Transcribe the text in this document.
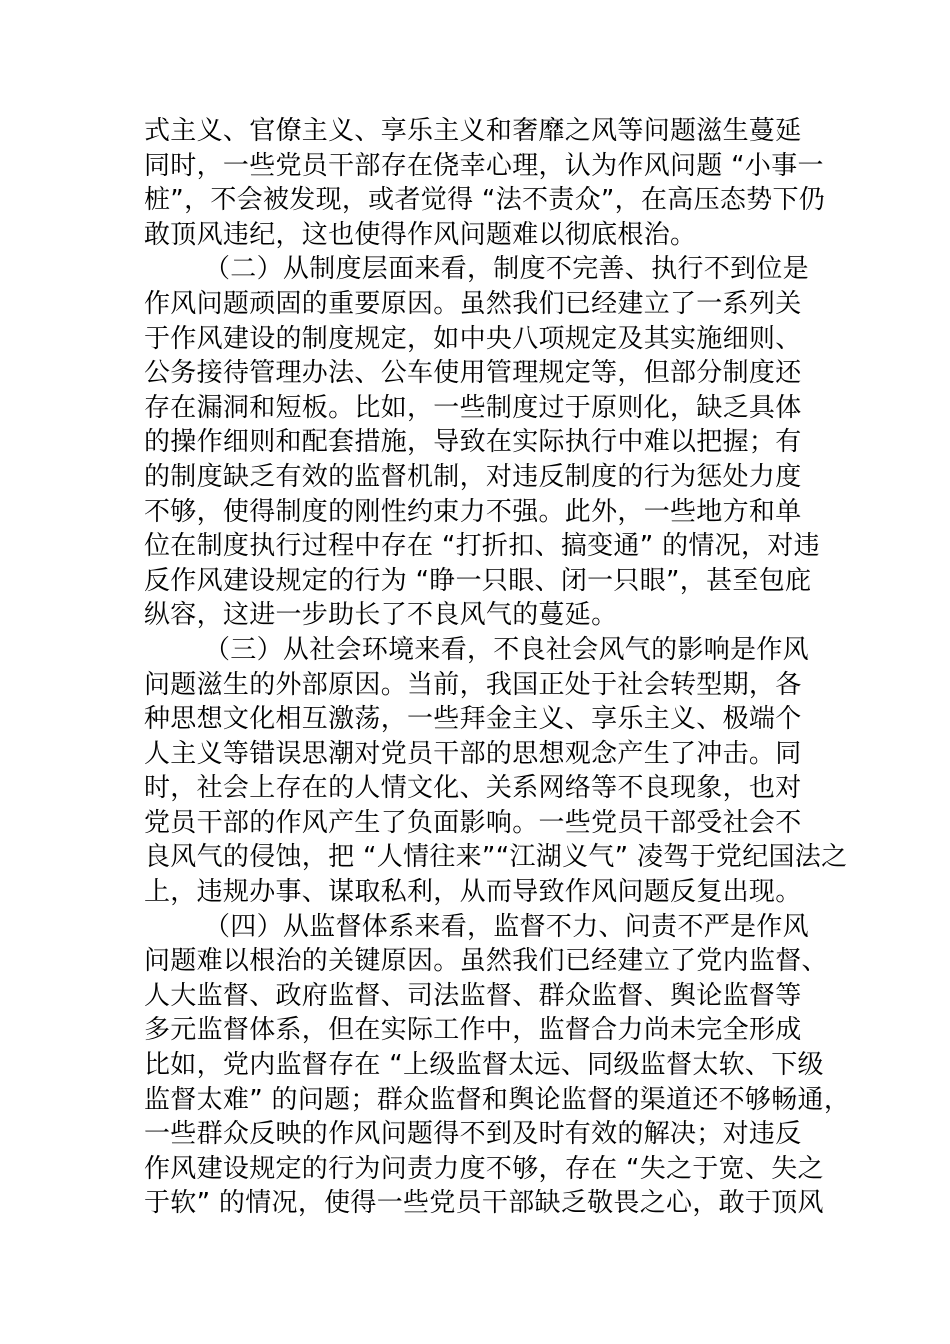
式主义、官僚主义、享乐主义和奢靡之风等问题滋生蔓延
同时，一些党员干部存在侥幸心理，认为作风问题 “小事一
桩”，不会被发现，或者觉得 “法不责众”，在高压态势下仍
敢顶风违纪，这也使得作风问题难以彻底根治。
（二）从制度层面来看，制度不完善、执行不到位是
作风问题顽固的重要原因。虽然我们已经建立了一系列关
于作风建设的制度规定，如中央八项规定及其实施细则、
公务接待管理办法、公车使用管理规定等，但部分制度还
存在漏洞和短板。比如，一些制度过于原则化，缺乏具体
的操作细则和配套措施，导致在实际执行中难以把握；有
的制度缺乏有效的监督机制，对违反制度的行为惩处力度
不够，使得制度的刚性约束力不强。此外，一些地方和单
位在制度执行过程中存在 “打折扣、搞变通” 的情况，对违
反作风建设规定的行为 “睁一只眼、闭一只眼”，甚至包庇
纵容，这进一步助长了不良风气的蔓延。
（三）从社会环境来看，不良社会风气的影响是作风
问题滋生的外部原因。当前，我国正处于社会转型期，各
种思想文化相互激荡，一些拜金主义、享乐主义、极端个
人主义等错误思潮对党员干部的思想观念产生了冲击。同
时，社会上存在的人情文化、关系网络等不良现象，也对
党员干部的作风产生了负面影响。一些党员干部受社会不
良风气的侵蚀，把 “人情往来”“江湖义气” 凌驾于党纪国法之
上，违规办事、谋取私利，从而导致作风问题反复出现。
（四）从监督体系来看，监督不力、问责不严是作风
问题难以根治的关键原因。虽然我们已经建立了党内监督、
人大监督、政府监督、司法监督、群众监督、舆论监督等
多元监督体系，但在实际工作中，监督合力尚未完全形成
比如，党内监督存在 “上级监督太远、同级监督太软、下级
监督太难” 的问题；群众监督和舆论监督的渠道还不够畅通，
一些群众反映的作风问题得不到及时有效的解决；对违反
作风建设规定的行为问责力度不够，存在 “失之于宽、失之
于软” 的情况，使得一些党员干部缺乏敬畏之心，敢于顶风
